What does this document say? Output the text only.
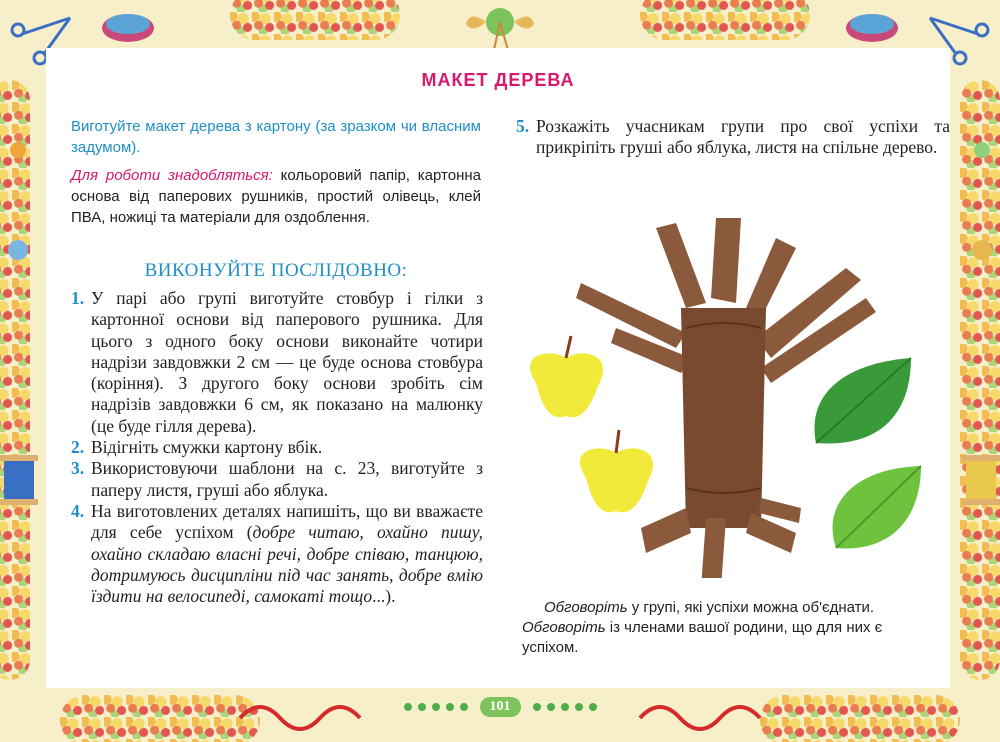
МАКЕТ ДЕРЕВА
Виготуйте макет дерева з картону (за зразком чи власним задумом).
Для роботи знадобляться: кольоровий папір, картонна основа від паперових рушників, простий олівець, клей ПВА, ножиці та матеріали для оздоблення.
ВИКОНУЙТЕ ПОСЛІДОВНО:
1. У парі або групі виготуйте стовбур і гілки з картонної основи від паперового рушника. Для цього з одного боку основи виконайте чотири надрізи завдовжки 2 см — це буде основа стовбура (коріння). З другого боку основи зробіть сім надрізів завдовжки 6 см, як показано на малюнку (це буде гілля дерева).
2. Відігніть смужки картону вбік.
3. Використовуючи шаблони на с. 23, виготуйте з паперу листя, груші або яблука.
4. На виготовлених деталях напишіть, що ви вважаєте для себе успіхом (добре читаю, охайно пишу, охайно складаю власні речі, добре співаю, танцюю, дотримуюсь дисципліни під час занять, добре вмію їздити на велосипеді, самокаті тощо...).
5. Розкажіть учасникам групи про свої успіхи та прикріпіть груші або яблука, листя на спільне дерево.

Обговоріть у групі, які успіхи можна об'єднати.

Обговоріть із членами вашої родини, що для них є успіхом.

101
